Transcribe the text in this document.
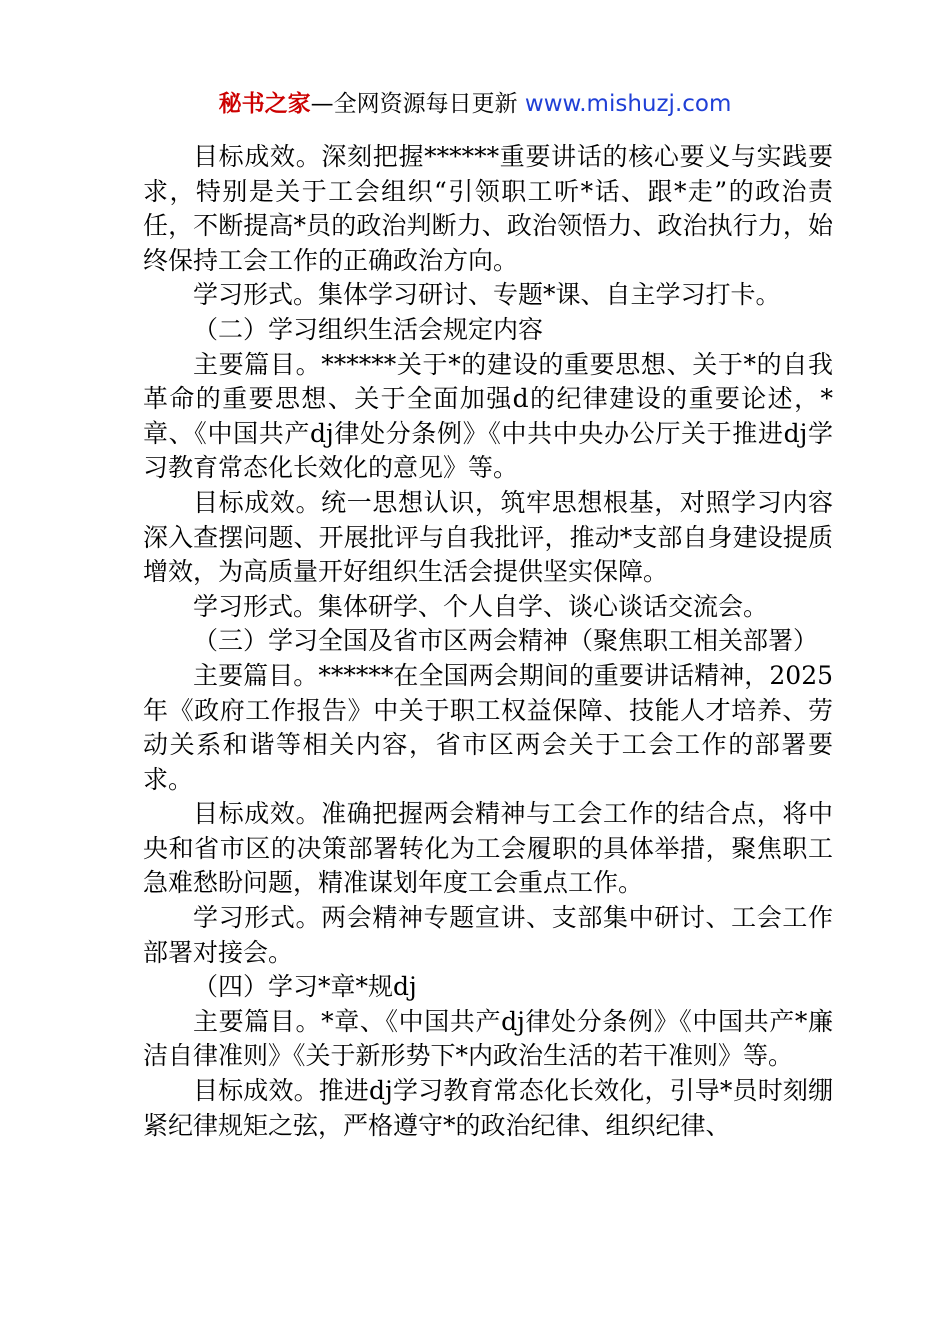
秘书之家—全网资源每日更新 www.mishuzj.com

目标成效。深刻把握******重要讲话的核心要义与实践要求，特别是关于工会组织“引领职工听*话、跟*走”的政治责任，不断提高*员的政治判断力、政治领悟力、政治执行力，始终保持工会工作的正确政治方向。

学习形式。集体学习研讨、专题*课、自主学习打卡。

（二）学习组织生活会规定内容

主要篇目。******关于*的建设的重要思想、关于*的自我革命的重要思想、关于全面加强d的纪律建设的重要论述，*章、《中国共产dj律处分条例》《中共中央办公厅关于推进dj学习教育常态化长效化的意见》等。

目标成效。统一思想认识，筑牢思想根基，对照学习内容深入查摆问题、开展批评与自我批评，推动*支部自身建设提质增效，为高质量开好组织生活会提供坚实保障。

学习形式。集体研学、个人自学、谈心谈话交流会。

（三）学习全国及省市区两会精神（聚焦职工相关部署）

主要篇目。******在全国两会期间的重要讲话精神，2025年《政府工作报告》中关于职工权益保障、技能人才培养、劳动关系和谐等相关内容，省市区两会关于工会工作的部署要求。

目标成效。准确把握两会精神与工会工作的结合点，将中央和省市区的决策部署转化为工会履职的具体举措，聚焦职工急难愁盼问题，精准谋划年度工会重点工作。

学习形式。两会精神专题宣讲、支部集中研讨、工会工作部署对接会。

（四）学习*章*规dj

主要篇目。*章、《中国共产dj律处分条例》《中国共产*廉洁自律准则》《关于新形势下*内政治生活的若干准则》等。

目标成效。推进dj学习教育常态化长效化，引导*员时刻绷紧纪律规矩之弦，严格遵守*的政治纪律、组织纪律、
